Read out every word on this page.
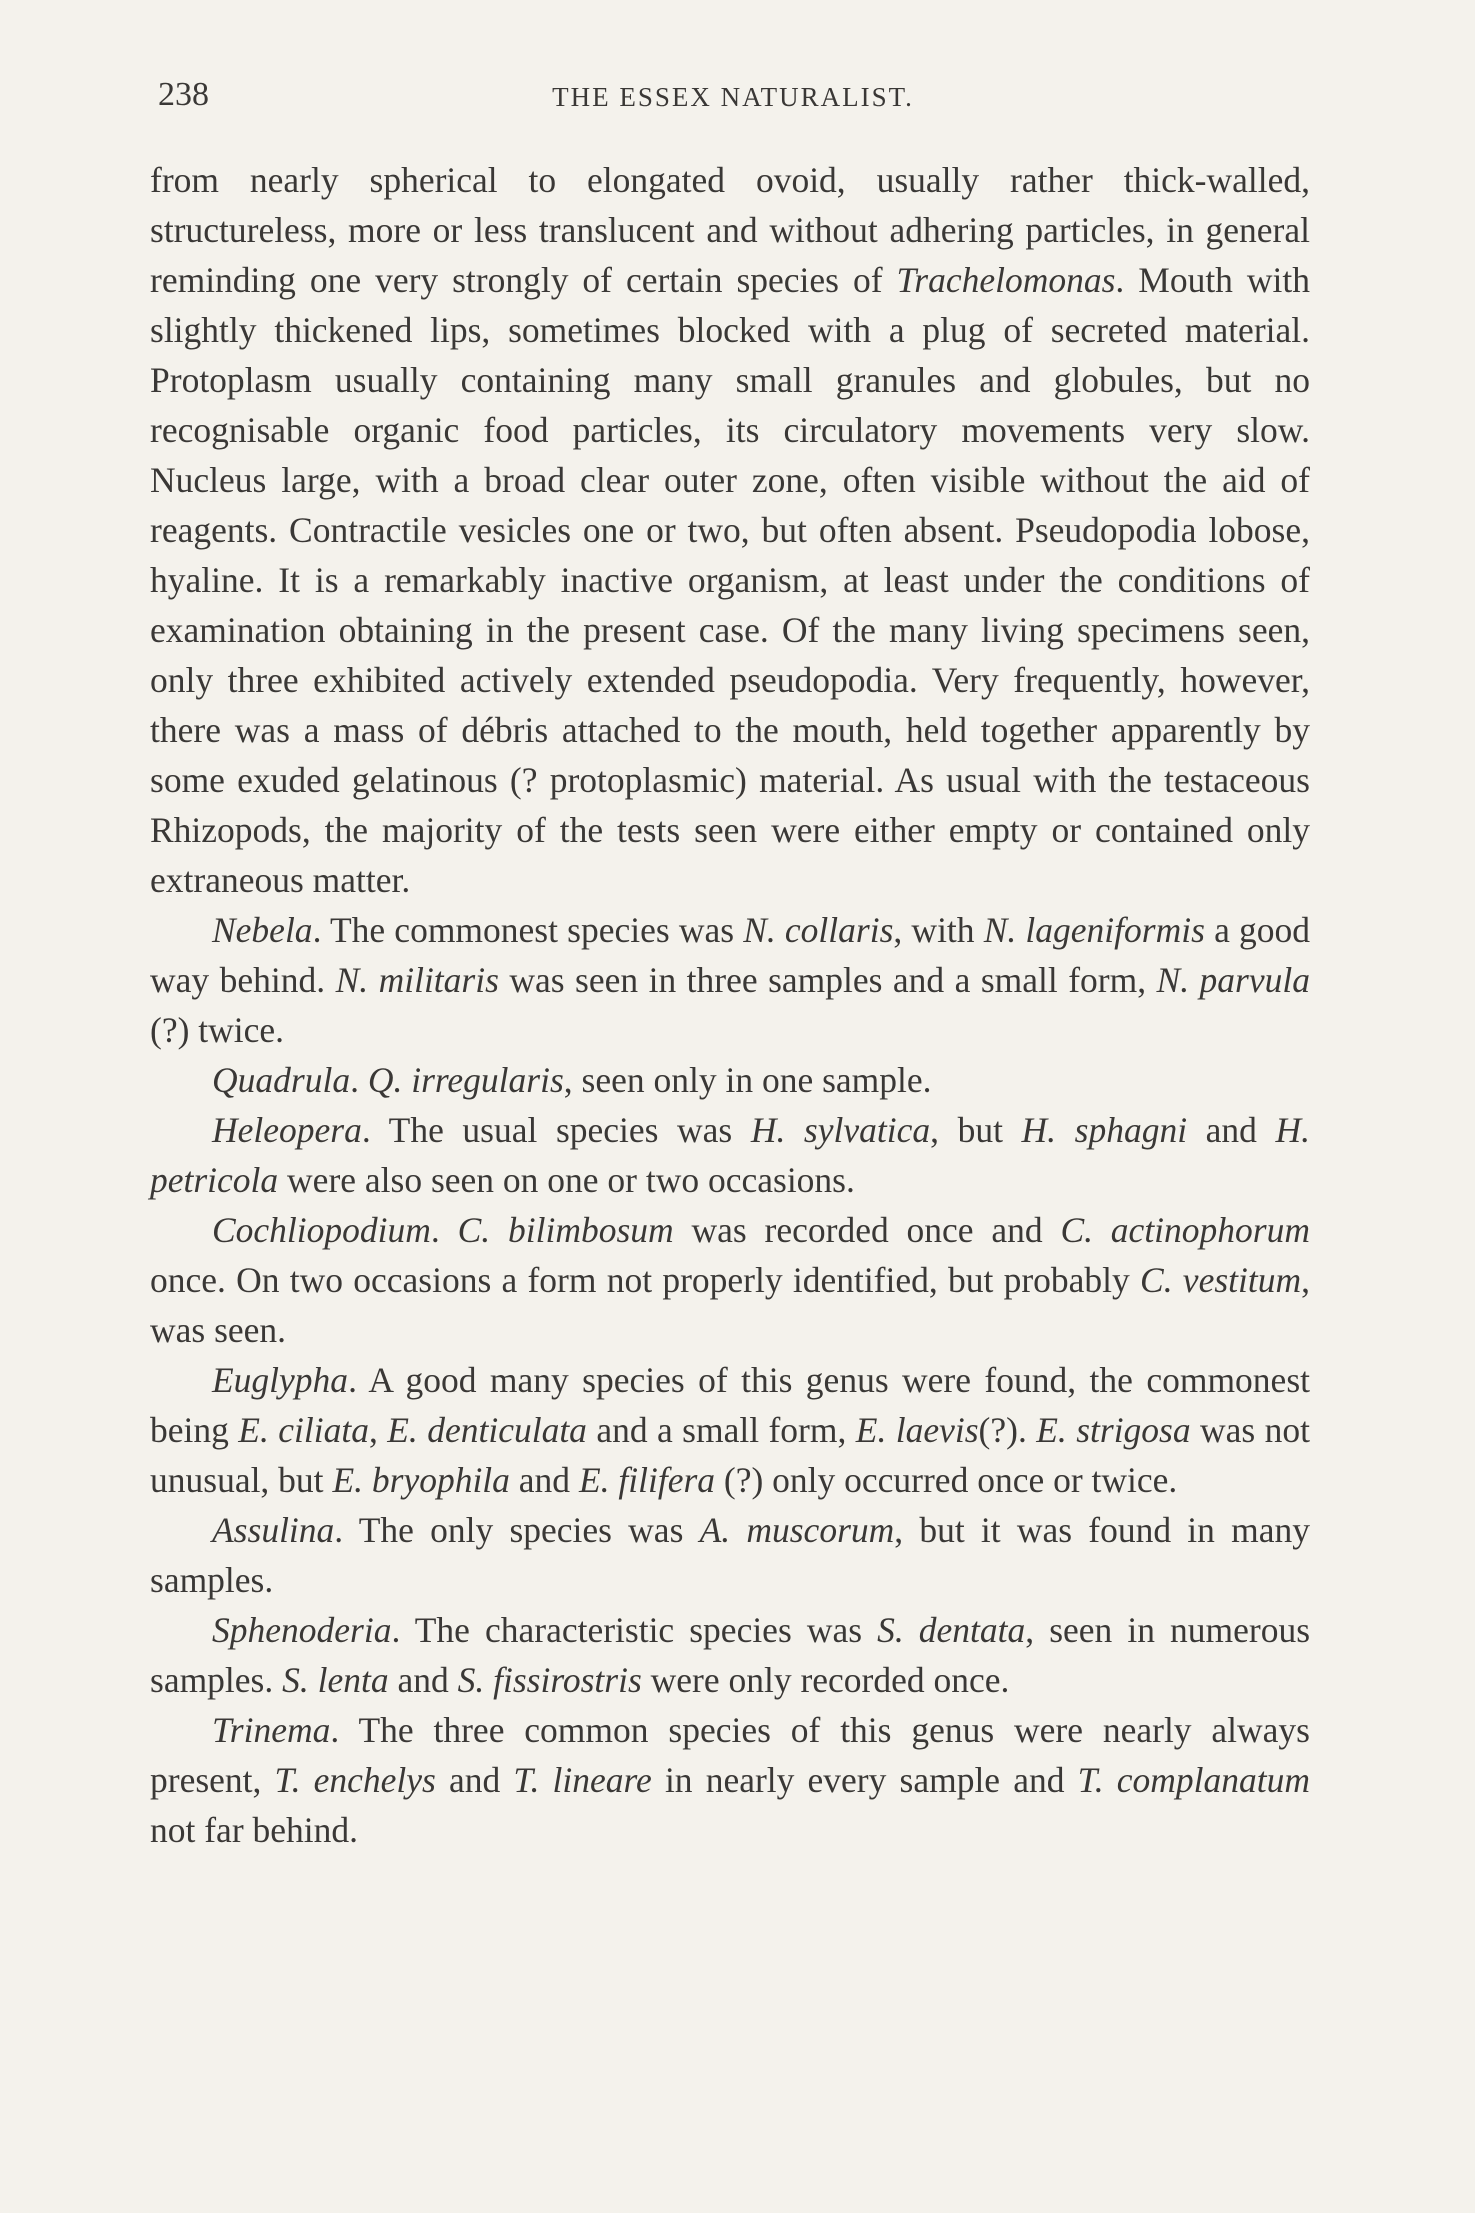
238	THE ESSEX NATURALIST.

from nearly spherical to elongated ovoid, usually rather thick-walled, structureless, more or less translucent and without adhering particles, in general reminding one very strongly of certain species of Trachelomonas. Mouth with slightly thickened lips, sometimes blocked with a plug of secreted material. Protoplasm usually containing many small granules and globules, but no recognisable organic food particles, its circulatory movements very slow. Nucleus large, with a broad clear outer zone, often visible without the aid of reagents. Contractile vesicles one or two, but often absent. Pseudopodia lobose, hyaline. It is a remarkably inactive organism, at least under the conditions of examination obtaining in the present case. Of the many living specimens seen, only three exhibited actively extended pseudopodia. Very frequently, however, there was a mass of débris attached to the mouth, held together apparently by some exuded gelatinous (? protoplasmic) material. As usual with the testaceous Rhizopods, the majority of the tests seen were either empty or contained only extraneous matter.

Nebela. The commonest species was N. collaris, with N. lageniformis a good way behind. N. militaris was seen in three samples and a small form, N. parvula (?) twice.

Quadrula. Q. irregularis, seen only in one sample.

Heleopera. The usual species was H. sylvatica, but H. sphagni and H. petricola were also seen on one or two occasions.

Cochliopodium. C. bilimbosum was recorded once and C. actinophorum once. On two occasions a form not properly identified, but probably C. vestitum, was seen.

Euglypha. A good many species of this genus were found, the commonest being E. ciliata, E. denticulata and a small form, E. laevis(?). E. strigosa was not unusual, but E. bryophila and E. filifera (?) only occurred once or twice.

Assulina. The only species was A. muscorum, but it was found in many samples.

Sphenoderia. The characteristic species was S. dentata, seen in numerous samples. S. lenta and S. fissirostris were only recorded once.

Trinema. The three common species of this genus were nearly always present, T. enchelys and T. lineare in nearly every sample and T. complanatum not far behind.
